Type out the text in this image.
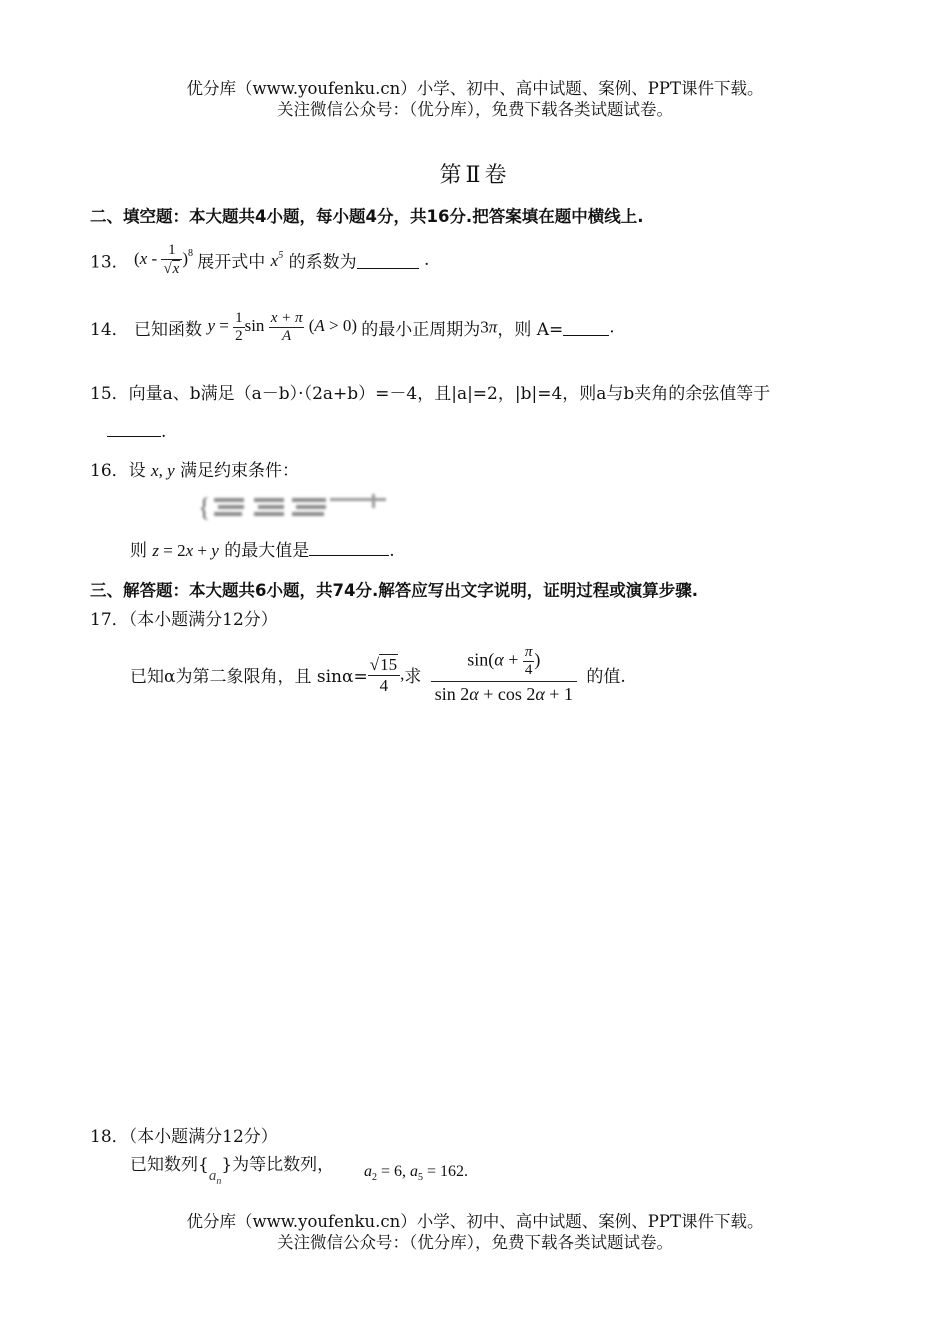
优分库（www.youfenku.cn）小学、初中、高中试题、案例、PPT课件下载。
关注微信公众号：（优分库），免费下载各类试题试卷。
第Ⅱ卷
二、填空题：本大题共4小题，每小题4分，共16分.把答案填在题中横线上.
13． $(x - \frac{1}{√x} )^8$ 展开式中 $x^5$ 的系数为	.
14． 已知函数 $y = \frac{1}{2}$ $\sin \frac{x + \pi}{A} (A > 0)$ 的最小正周期为3π，则 A=	.
15．向量a、b满足（a－b）·（2a+b）=－4，且|a|=2，|b|=4，则a与b夹角的余弦值等于
.
16．设 x, y 满足约束条件：
{
则 z = 2x + y 的最大值是	.
三、解答题：本大题共6小题，共74分.解答应写出文字说明，证明过程或演算步骤.
17．（本小题满分12分）
已知α为第二象限角，且 $\sin\alpha= \frac{√15}{4}$ ,求 $\frac{\sin(\alpha + \frac{\pi}{4} )}{\sin 2\alpha + \cos 2\alpha + 1}$ 的值.
18．（本小题满分12分）
已知数列$\{a_n\}$为等比数列， $a_2 = 6$, $a_5 = 162$.
优分库（www.youfenku.cn）小学、初中、高中试题、案例、PPT课件下载。
关注微信公众号：（优分库），免费下载各类试题试卷。
